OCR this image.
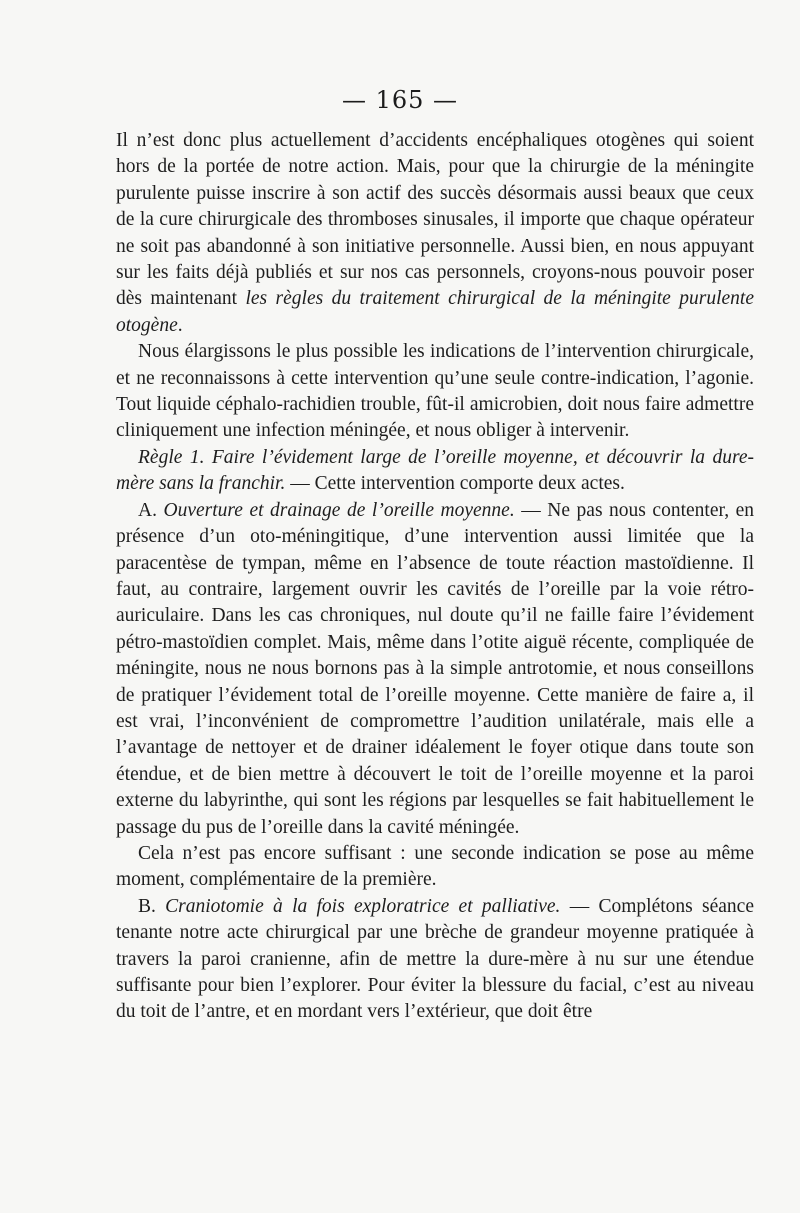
— 165 —

Il n’est donc plus actuellement d’accidents encéphaliques otogènes qui soient hors de la portée de notre action. Mais, pour que la chirurgie de la méningite purulente puisse inscrire à son actif des succès désormais aussi beaux que ceux de la cure chirurgicale des thromboses sinusales, il importe que chaque opérateur ne soit pas abandonné à son initiative personnelle. Aussi bien, en nous appuyant sur les faits déjà publiés et sur nos cas personnels, croyons-nous pouvoir poser dès maintenant les règles du traitement chirurgical de la méningite purulente otogène.

Nous élargissons le plus possible les indications de l’intervention chirurgicale, et ne reconnaissons à cette intervention qu’une seule contre-indication, l’agonie. Tout liquide céphalo-rachidien trouble, fût-il amicrobien, doit nous faire admettre cliniquement une infection méningée, et nous obliger à intervenir.

Règle 1. Faire l’évidement large de l’oreille moyenne, et découvrir la dure-mère sans la franchir. — Cette intervention comporte deux actes.

A. Ouverture et drainage de l’oreille moyenne. — Ne pas nous contenter, en présence d’un oto-méningitique, d’une intervention aussi limitée que la paracentèse de tympan, même en l’absence de toute réaction mastoïdienne. Il faut, au contraire, largement ouvrir les cavités de l’oreille par la voie rétro-auriculaire. Dans les cas chroniques, nul doute qu’il ne faille faire l’évidement pétro-mastoïdien complet. Mais, même dans l’otite aiguë récente, compliquée de méningite, nous ne nous bornons pas à la simple antrotomie, et nous conseillons de pratiquer l’évidement total de l’oreille moyenne. Cette manière de faire a, il est vrai, l’inconvénient de compromettre l’audition unilatérale, mais elle a l’avantage de nettoyer et de drainer idéalement le foyer otique dans toute son étendue, et de bien mettre à découvert le toit de l’oreille moyenne et la paroi externe du labyrinthe, qui sont les régions par lesquelles se fait habituellement le passage du pus de l’oreille dans la cavité méningée.

Cela n’est pas encore suffisant : une seconde indication se pose au même moment, complémentaire de la première.

B. Craniotomie à la fois exploratrice et palliative. — Complétons séance tenante notre acte chirurgical par une brèche de grandeur moyenne pratiquée à travers la paroi cranienne, afin de mettre la dure-mère à nu sur une étendue suffisante pour bien l’explorer. Pour éviter la blessure du facial, c’est au niveau du toit de l’antre, et en mordant vers l’extérieur, que doit être
